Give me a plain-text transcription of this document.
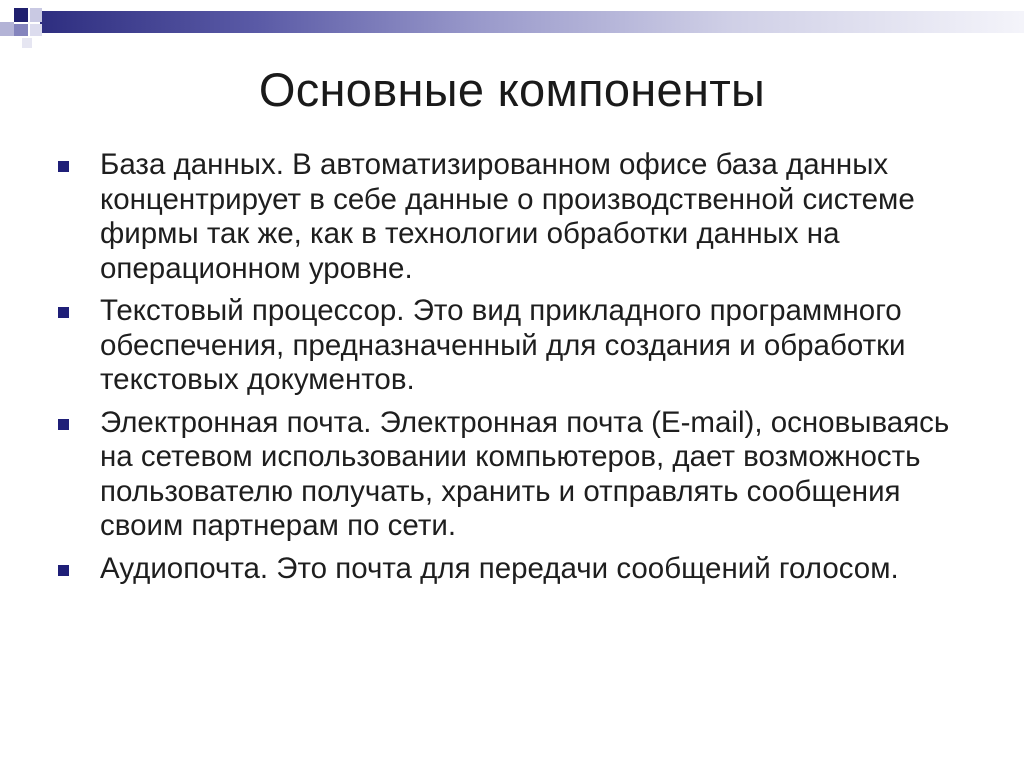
Основные компоненты
База данных. В автоматизированном офисе база данных концентрирует в себе данные о производственной системе фирмы так же, как в технологии обработки данных на операционном уровне.
Текстовый процессор. Это вид прикладного программного обеспечения, предназначенный для создания и обработки текстовых документов.
Электронная почта. Электронная почта (E-mail), основываясь на сетевом использовании компьютеров, дает возможность пользователю получать, хранить и отправлять сообщения своим партнерам по сети.
Аудиопочта. Это почта для передачи сообщений голосом.
